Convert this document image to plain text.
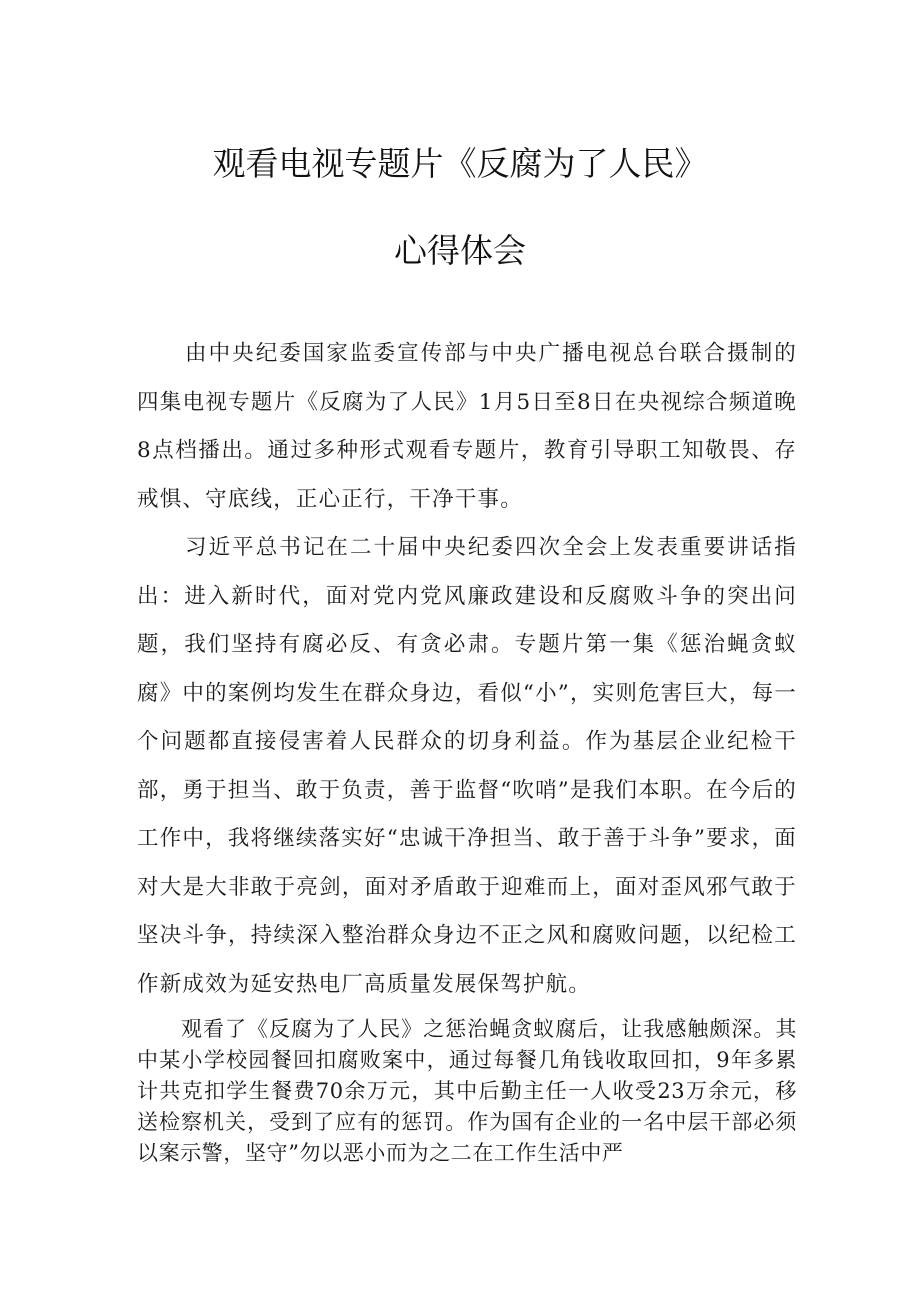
观看电视专题片《反腐为了人民》
心得体会

由中央纪委国家监委宣传部与中央广播电视总台联合摄制的四集电视专题片《反腐为了人民》1月5日至8日在央视综合频道晚8点档播出。通过多种形式观看专题片，教育引导职工知敬畏、存戒惧、守底线，正心正行，干净干事。

习近平总书记在二十届中央纪委四次全会上发表重要讲话指出：进入新时代，面对党内党风廉政建设和反腐败斗争的突出问题，我们坚持有腐必反、有贪必肃。专题片第一集《惩治蝇贪蚁腐》中的案例均发生在群众身边，看似“小”，实则危害巨大，每一个问题都直接侵害着人民群众的切身利益。作为基层企业纪检干部，勇于担当、敢于负责，善于监督“吹哨”是我们本职。在今后的工作中，我将继续落实好“忠诚干净担当、敢于善于斗争”要求，面对大是大非敢于亮剑，面对矛盾敢于迎难而上，面对歪风邪气敢于坚决斗争，持续深入整治群众身边不正之风和腐败问题，以纪检工作新成效为延安热电厂高质量发展保驾护航。

观看了《反腐为了人民》之惩治蝇贪蚁腐后，让我感触颇深。其中某小学校园餐回扣腐败案中，通过每餐几角钱收取回扣，9年多累计共克扣学生餐费70余万元，其中后勤主任一人收受23万余元，移送检察机关，受到了应有的惩罚。作为国有企业的一名中层干部必须以案示警，坚守”勿以恶小而为之二在工作生活中严
